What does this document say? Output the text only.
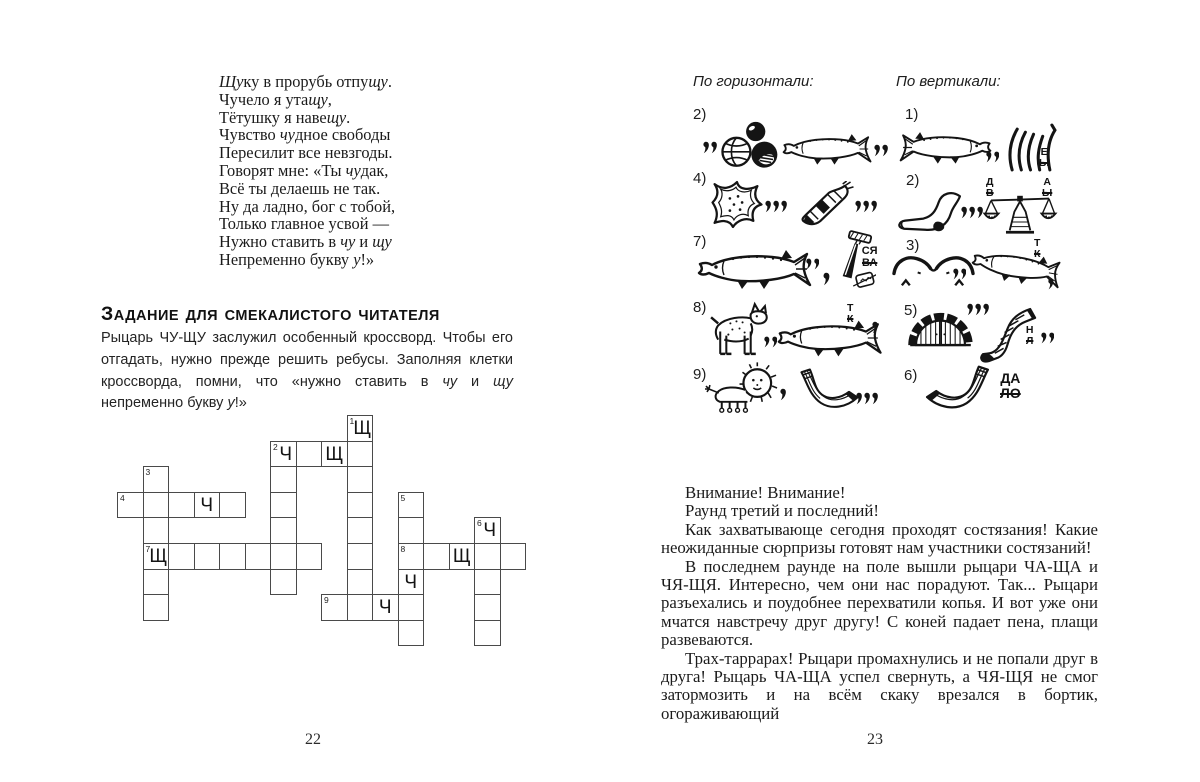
Щуку в прорубь отпущу.
Чучело я утащу,
Тётушку я навещу.
Чувство чудное свободы
Пересилит все невзгоды.
Говорят мне: «Ты чудак,
Всё ты делаешь не так.
Ну да ладно, бог с тобой,
Только главное усвой —
Нужно ставить в чу и щу
Непременно букву у!»
ЗАДАНИЕ ДЛЯ СМЕКАЛИСТОГО ЧИТАТЕЛЯ
Рыцарь ЧУ-ЩУ заслужил особенный кроссворд. Чтобы его отгадать, нужно прежде решить ребусы. Заполняя клетки кроссворда, помни, что «нужно ставить в чу и щу непременно букву у!»
1 Щ
2 Ч Щ
3
4	Ч	5
6 Ч
7 Щ	8	Щ
Ч
9	Ч
22
По горизонтали:	По вертикали:
2)
4)
7)
СЯ
ВА
8)	Т
К
9)
1)
Е
Ы
2)	Д
В
А
Ы
3)	Т
К
5)
Н
Л
6)	ДА
ЛО

Внимание! Внимание!

Раунд третий и последний!

Как захватывающе сегодня проходят состязания! Какие неожиданные сюрпризы готовят нам участники состязаний!

В последнем раунде на поле вышли рыцари ЧА-ЩА и ЧЯ-ЩЯ. Интересно, чем они нас порадуют. Так... Рыцари разъехались и поудобнее перехватили копья. И вот уже они мчатся навстречу друг другу! С коней падает пена, плащи развеваются.

Трах-таррарах! Рыцари промахнулись и не попали друг в друга! Рыцарь ЧА-ЩА успел свернуть, а ЧЯ-ЩЯ не смог затормозить и на всём скаку врезался в бортик, огораживающий

23
